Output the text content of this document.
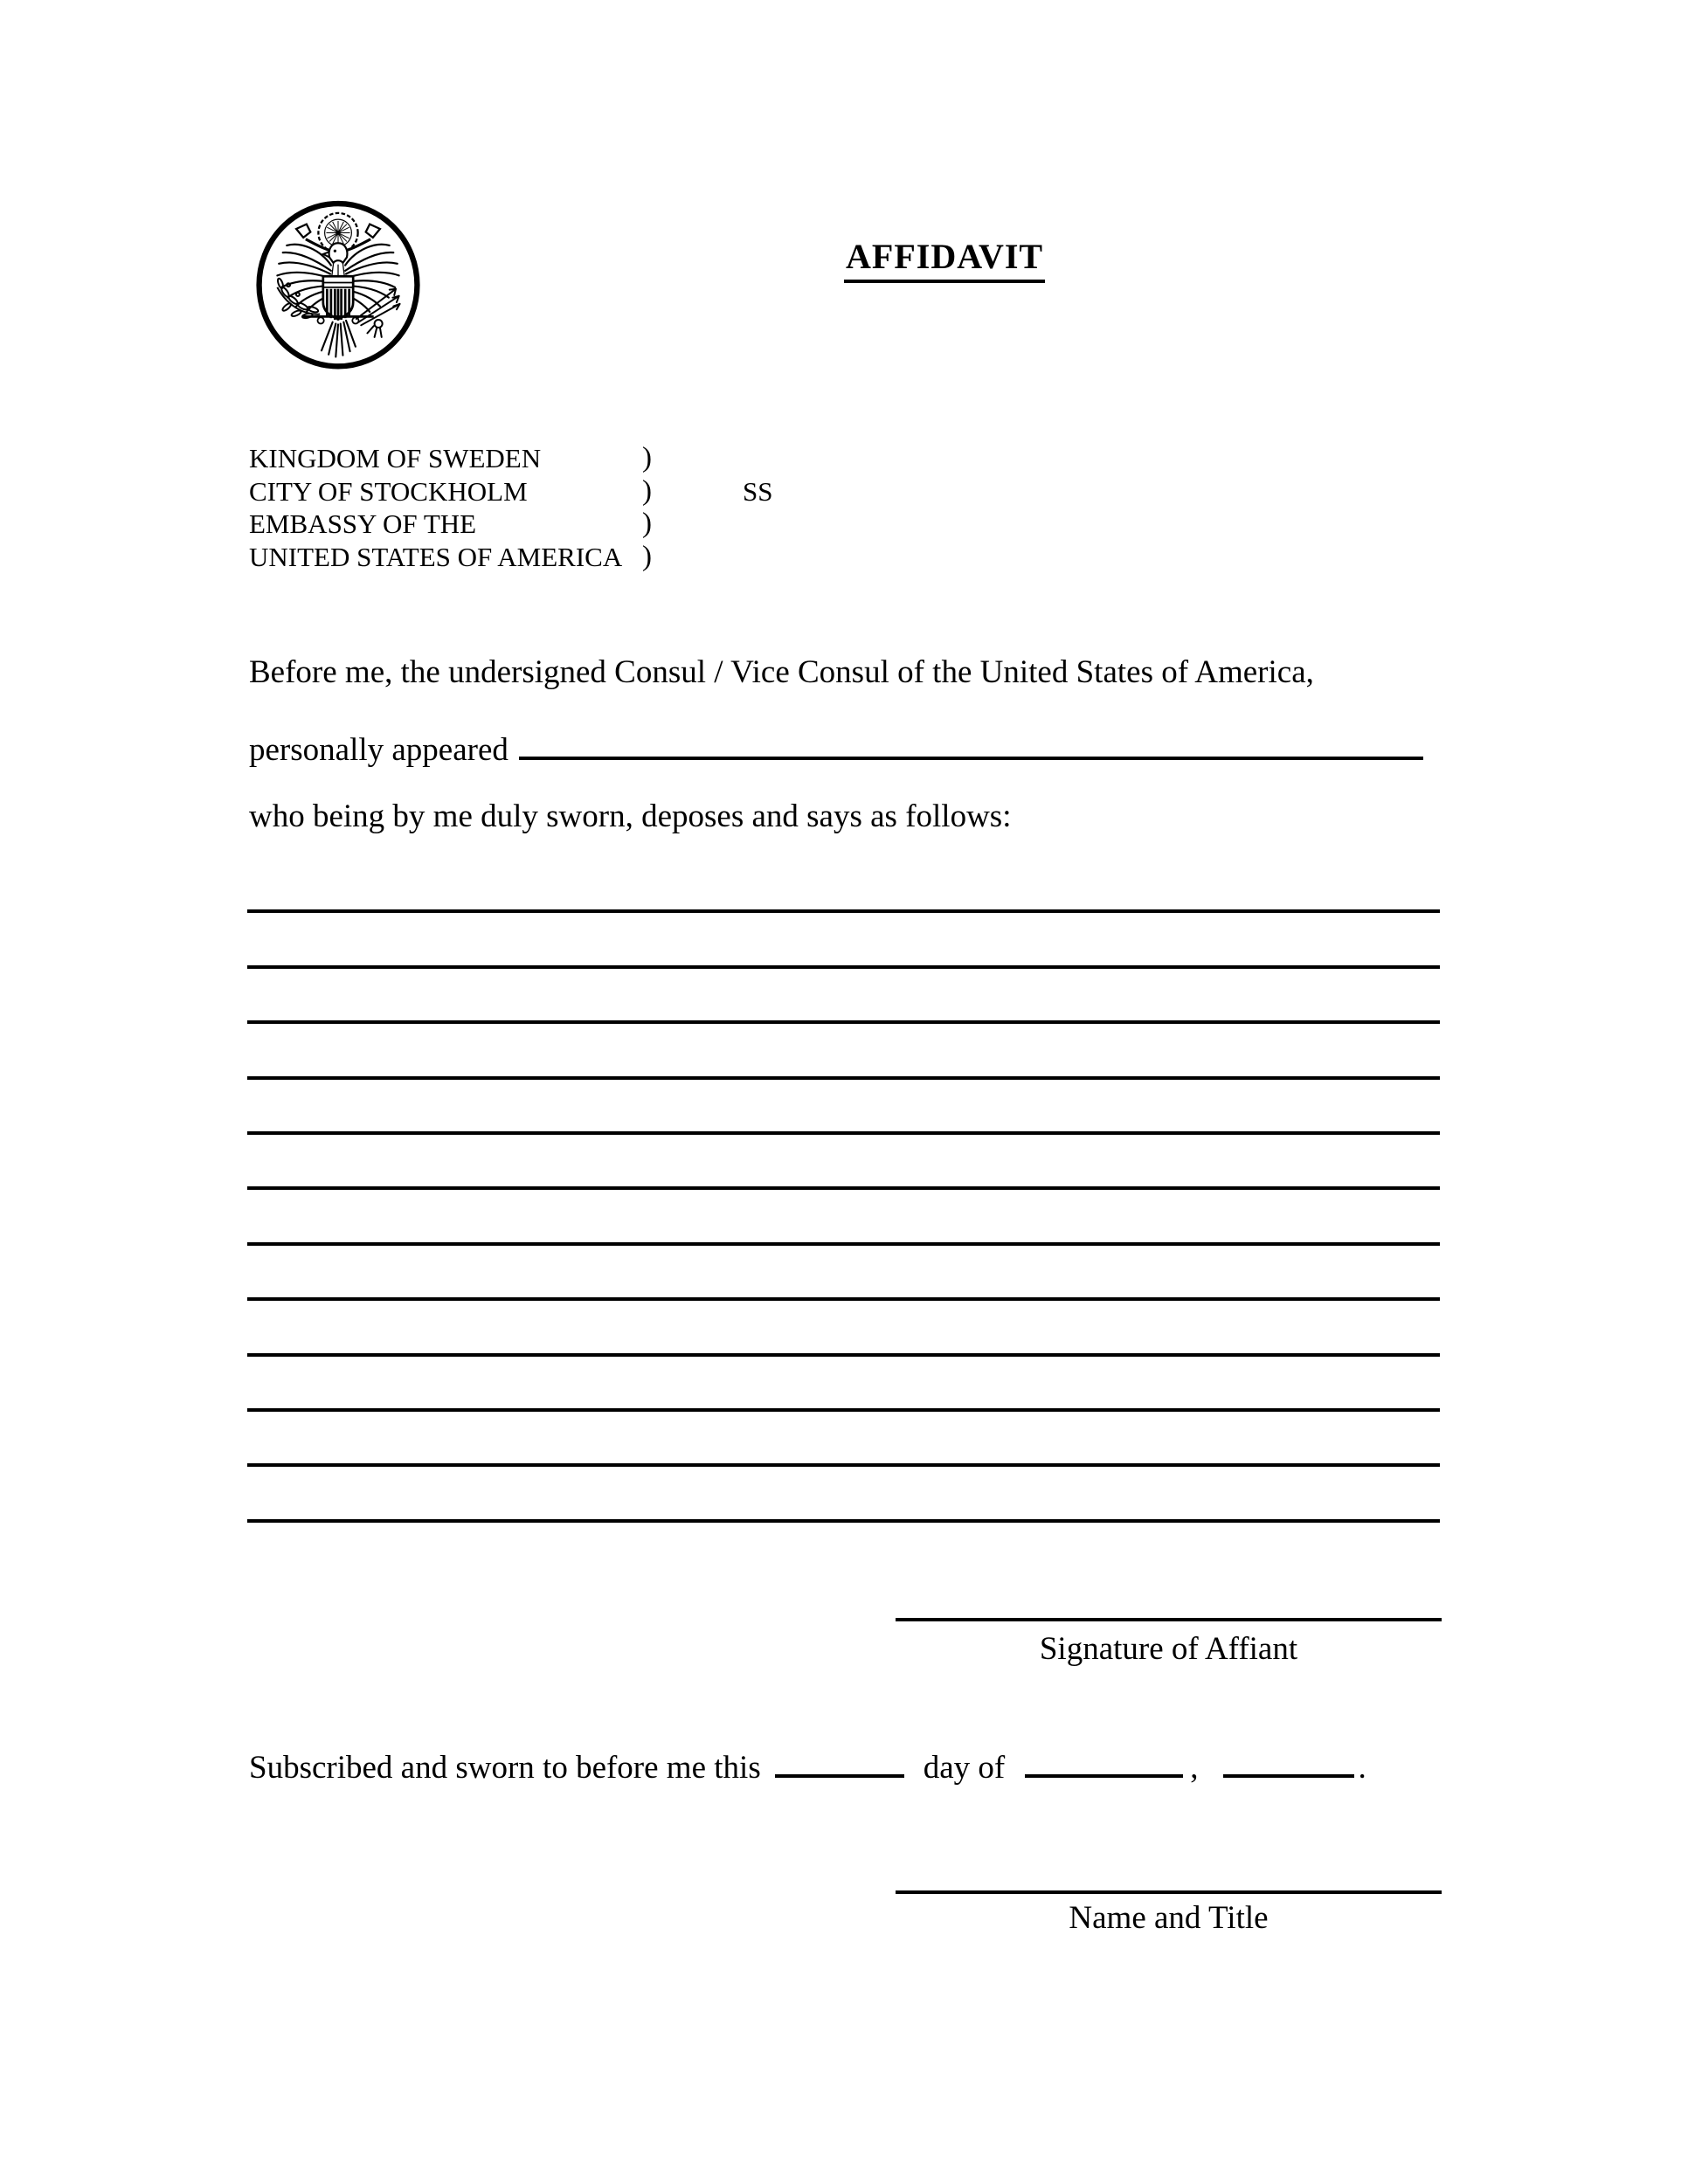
AFFIDAVIT
KINGDOM OF SWEDEN	)
CITY OF STOCKHOLM	)	SS
EMBASSY OF THE	)
UNITED STATES OF AMERICA )
Before me, the undersigned Consul / Vice Consul of the United States of America,
personally appeared
who being by me duly sworn, deposes and says as follows:
Signature of Affiant
Subscribed and sworn to before me this	day of	,	.
Name and Title
